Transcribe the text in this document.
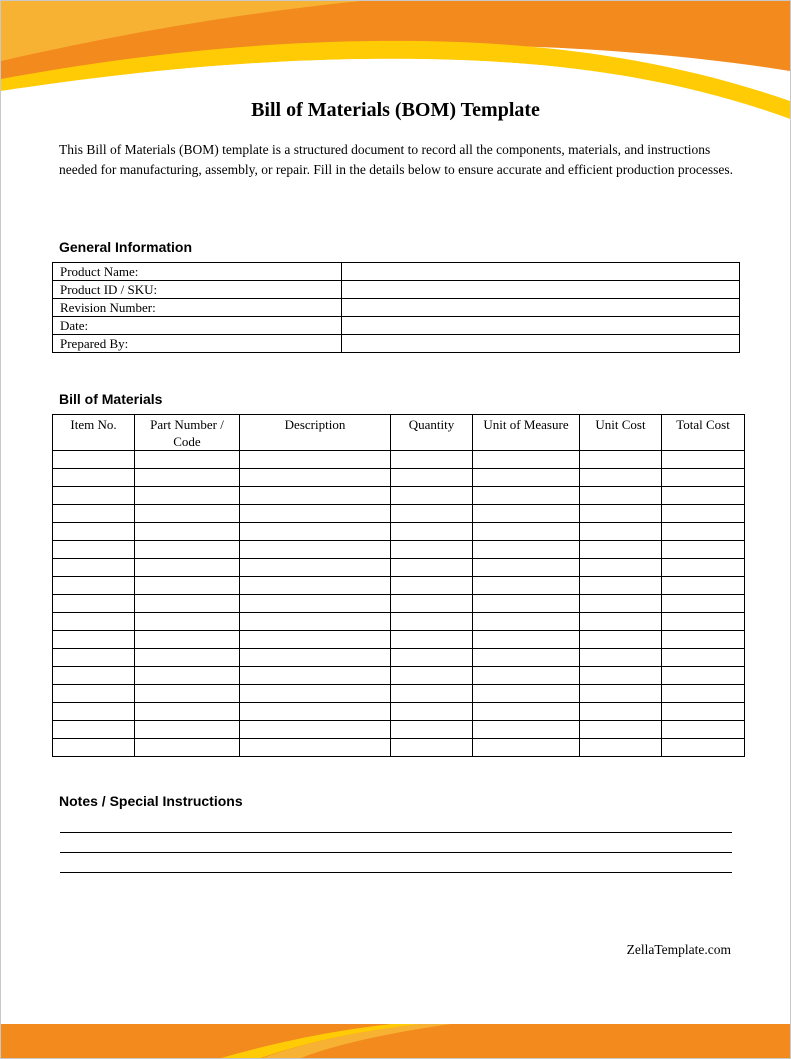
Bill of Materials (BOM) Template

This Bill of Materials (BOM) template is a structured document to record all the components, materials, and instructions needed for manufacturing, assembly, or repair. Fill in the details below to ensure accurate and efficient production processes.

General Information
Product Name:	
Product ID / SKU:	
Revision Number:	
Date:	
Prepared By:	
Bill of Materials
Item No.	Part Number / Code	Description	Quantity	Unit of Measure	Unit Cost	Total Cost

Notes / Special Instructions

ZellaTemplate.com
